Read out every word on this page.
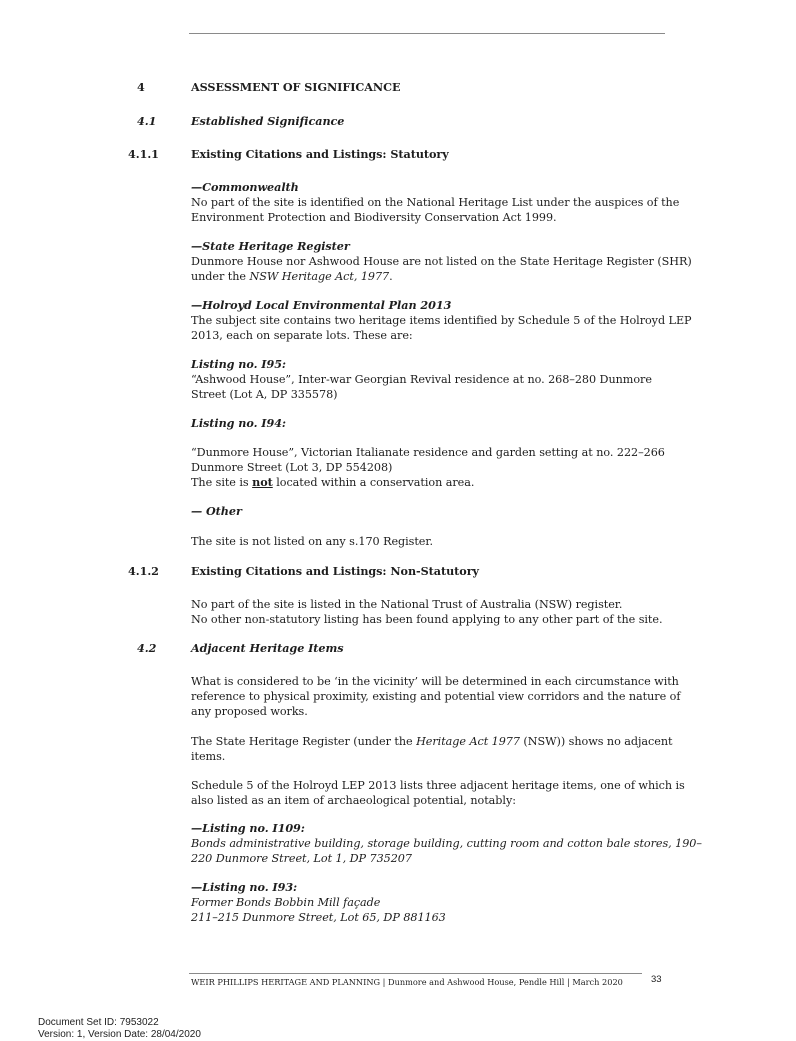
4	ASSESSMENT OF SIGNIFICANCE
4.1	Established Significance
4.1.1	Existing Citations and Listings: Statutory
—Commonwealth
No part of the site is identified on the National Heritage List under the auspices of the
Environment Protection and Biodiversity Conservation Act 1999.
—State Heritage Register
Dunmore House nor Ashwood House are not listed on the State Heritage Register (SHR)
under the NSW Heritage Act, 1977.
—Holroyd Local Environmental Plan 2013
The subject site contains two heritage items identified by Schedule 5 of the Holroyd LEP
2013, each on separate lots. These are:
Listing no. I95:
“Ashwood House”, Inter-war Georgian Revival residence at no. 268–280 Dunmore
Street (Lot A, DP 335578)
Listing no. I94:
“Dunmore House”, Victorian Italianate residence and garden setting at no. 222–266
Dunmore Street (Lot 3, DP 554208)
The site is not located within a conservation area.
— Other
The site is not listed on any s.170 Register.
4.1.2	Existing Citations and Listings: Non-Statutory
No part of the site is listed in the National Trust of Australia (NSW) register.
No other non-statutory listing has been found applying to any other part of the site.
4.2	Adjacent Heritage Items
What is considered to be ‘in the vicinity’ will be determined in each circumstance with
reference to physical proximity, existing and potential view corridors and the nature of
any proposed works.
The State Heritage Register (under the Heritage Act 1977 (NSW)) shows no adjacent
items.
Schedule 5 of the Holroyd LEP 2013 lists three adjacent heritage items, one of which is
also listed as an item of archaeological potential, notably:
—Listing no. I109:
Bonds administrative building, storage building, cutting room and cotton bale stores, 190–
220 Dunmore Street, Lot 1, DP 735207
—Listing no. I93:
Former Bonds Bobbin Mill façade
211–215 Dunmore Street, Lot 65, DP 881163
WEIR PHILLIPS HERITAGE AND PLANNING | Dunmore and Ashwood House, Pendle Hill | March 2020	33
Document Set ID: 7953022
Version: 1, Version Date: 28/04/2020
